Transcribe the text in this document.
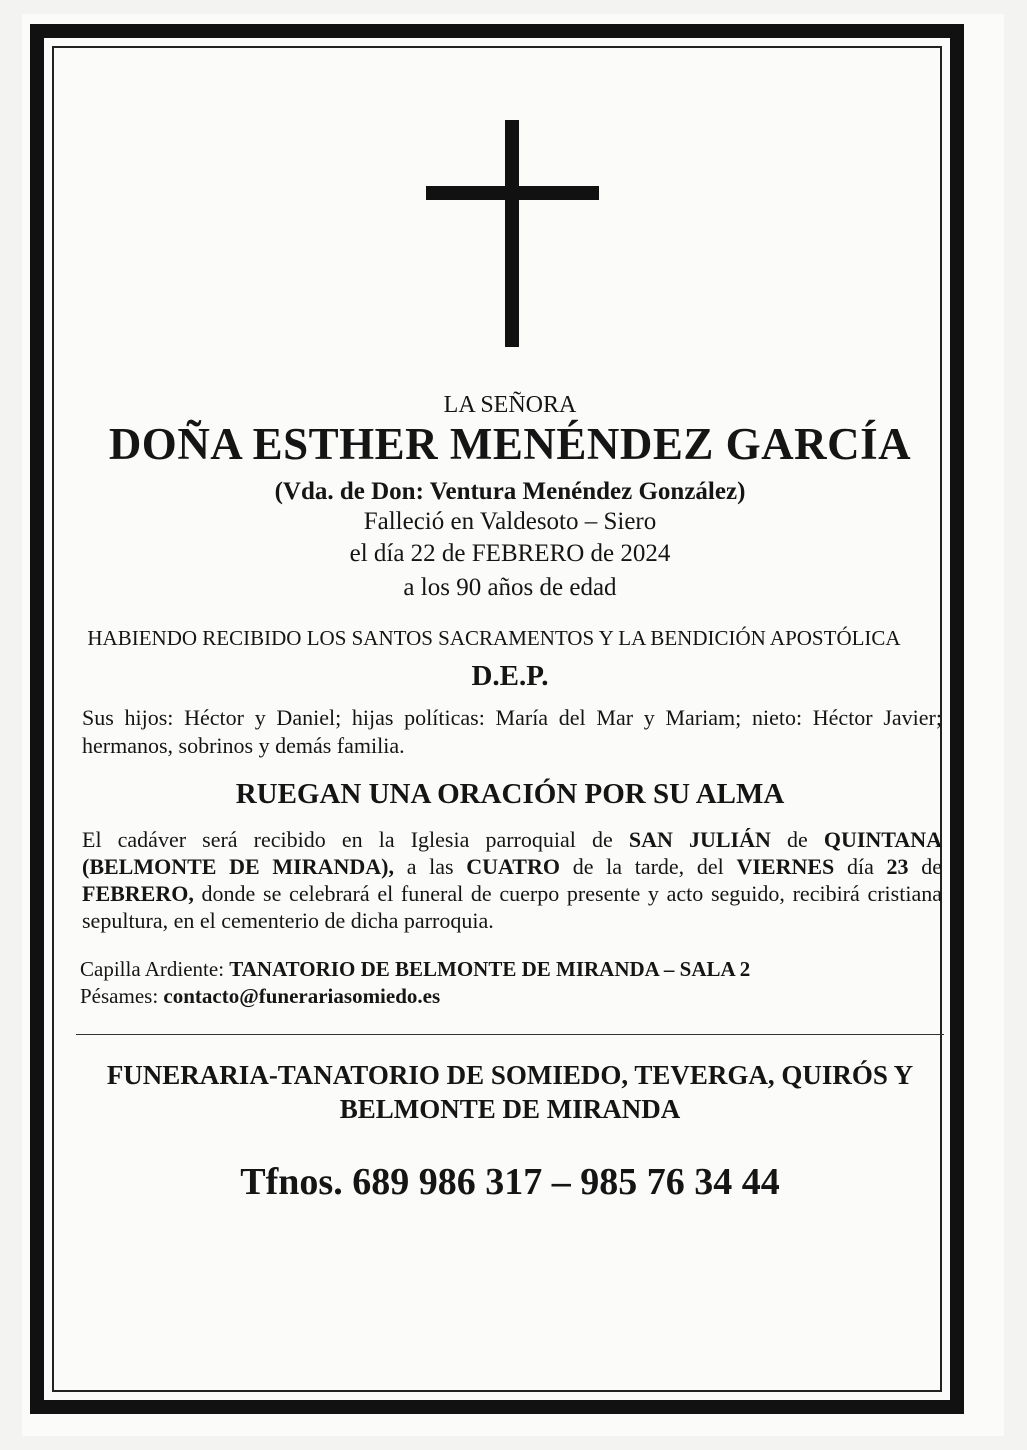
LA SEÑORA
DOÑA ESTHER MENÉNDEZ GARCÍA
(Vda. de Don: Ventura Menéndez González)
Falleció en Valdesoto – Siero
el día 22 de FEBRERO de 2024
a los 90 años de edad
HABIENDO RECIBIDO LOS SANTOS SACRAMENTOS Y LA BENDICIÓN APOSTÓLICA
D.E.P.
Sus hijos: Héctor y Daniel; hijas políticas: María del Mar y Mariam; nieto: Héctor Javier; hermanos, sobrinos y demás familia.
RUEGAN UNA ORACIÓN POR SU ALMA
El cadáver será recibido en la Iglesia parroquial de SAN JULIÁN de QUINTANA (BELMONTE DE MIRANDA), a las CUATRO de la tarde, del VIERNES día 23 de FEBRERO, donde se celebrará el funeral de cuerpo presente y acto seguido, recibirá cristiana sepultura, en el cementerio de dicha parroquia.
Capilla Ardiente: TANATORIO DE BELMONTE DE MIRANDA – SALA 2
Pésames: contacto@funerariasomiedo.es
FUNERARIA-TANATORIO DE SOMIEDO, TEVERGA, QUIRÓS Y
BELMONTE DE MIRANDA
Tfnos. 689 986 317 – 985 76 34 44
